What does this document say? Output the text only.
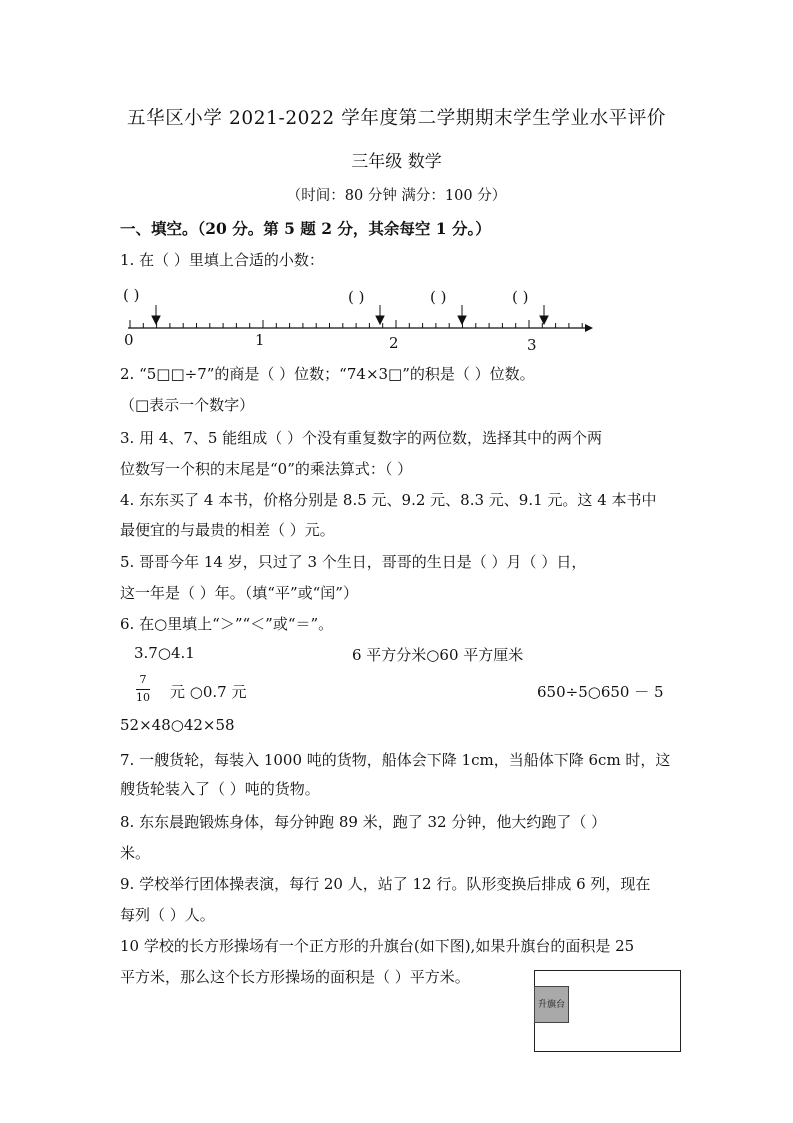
五华区小学 2021-2022 学年度第二学期期末学生学业水平评价
三年级 数学
（时间：80 分钟 满分：100 分）
一、填空。（20 分。第 5 题 2 分，其余每空 1 分。）
1. 在（ ）里填上合适的小数：
( )	( )	( )	( )
0	1	2	3
2. “5□□÷7”的商是（ ）位数；“74×3□”的积是（ ）位数。
（□表示一个数字）
3. 用 4、7、5 能组成（ ）个没有重复数字的两位数，选择其中的两个两
位数写一个积的末尾是“0”的乘法算式：（ ）
4. 东东买了 4 本书，价格分别是 8.5 元、9.2 元、8.3 元、9.1 元。这 4 本书中
最便宜的与最贵的相差（ ）元。
5. 哥哥今年 14 岁，只过了 3 个生日，哥哥的生日是（ ）月（ ）日，
这一年是（ ）年。（填“平”或“闰”）
6. 在○里填上“＞”“＜”或“＝”。
3.7○4.1	6 平方分米○60 平方厘米
7
10 元 ○0.7 元	650÷5○650 － 5
52×48○42×58
7. 一艘货轮，每装入 1000 吨的货物，船体会下降 1cm，当船体下降 6cm 时，这
艘货轮装入了（ ）吨的货物。
8. 东东晨跑锻炼身体，每分钟跑 89 米，跑了 32 分钟，他大约跑了（ ）
米。
9. 学校举行团体操表演，每行 20 人，站了 12 行。队形变换后排成 6 列，现在
每列（ ）人。
10 学校的长方形操场有一个正方形的升旗台(如下图),如果升旗台的面积是 25
平方米，那么这个长方形操场的面积是（ ）平方米。
升旗台
